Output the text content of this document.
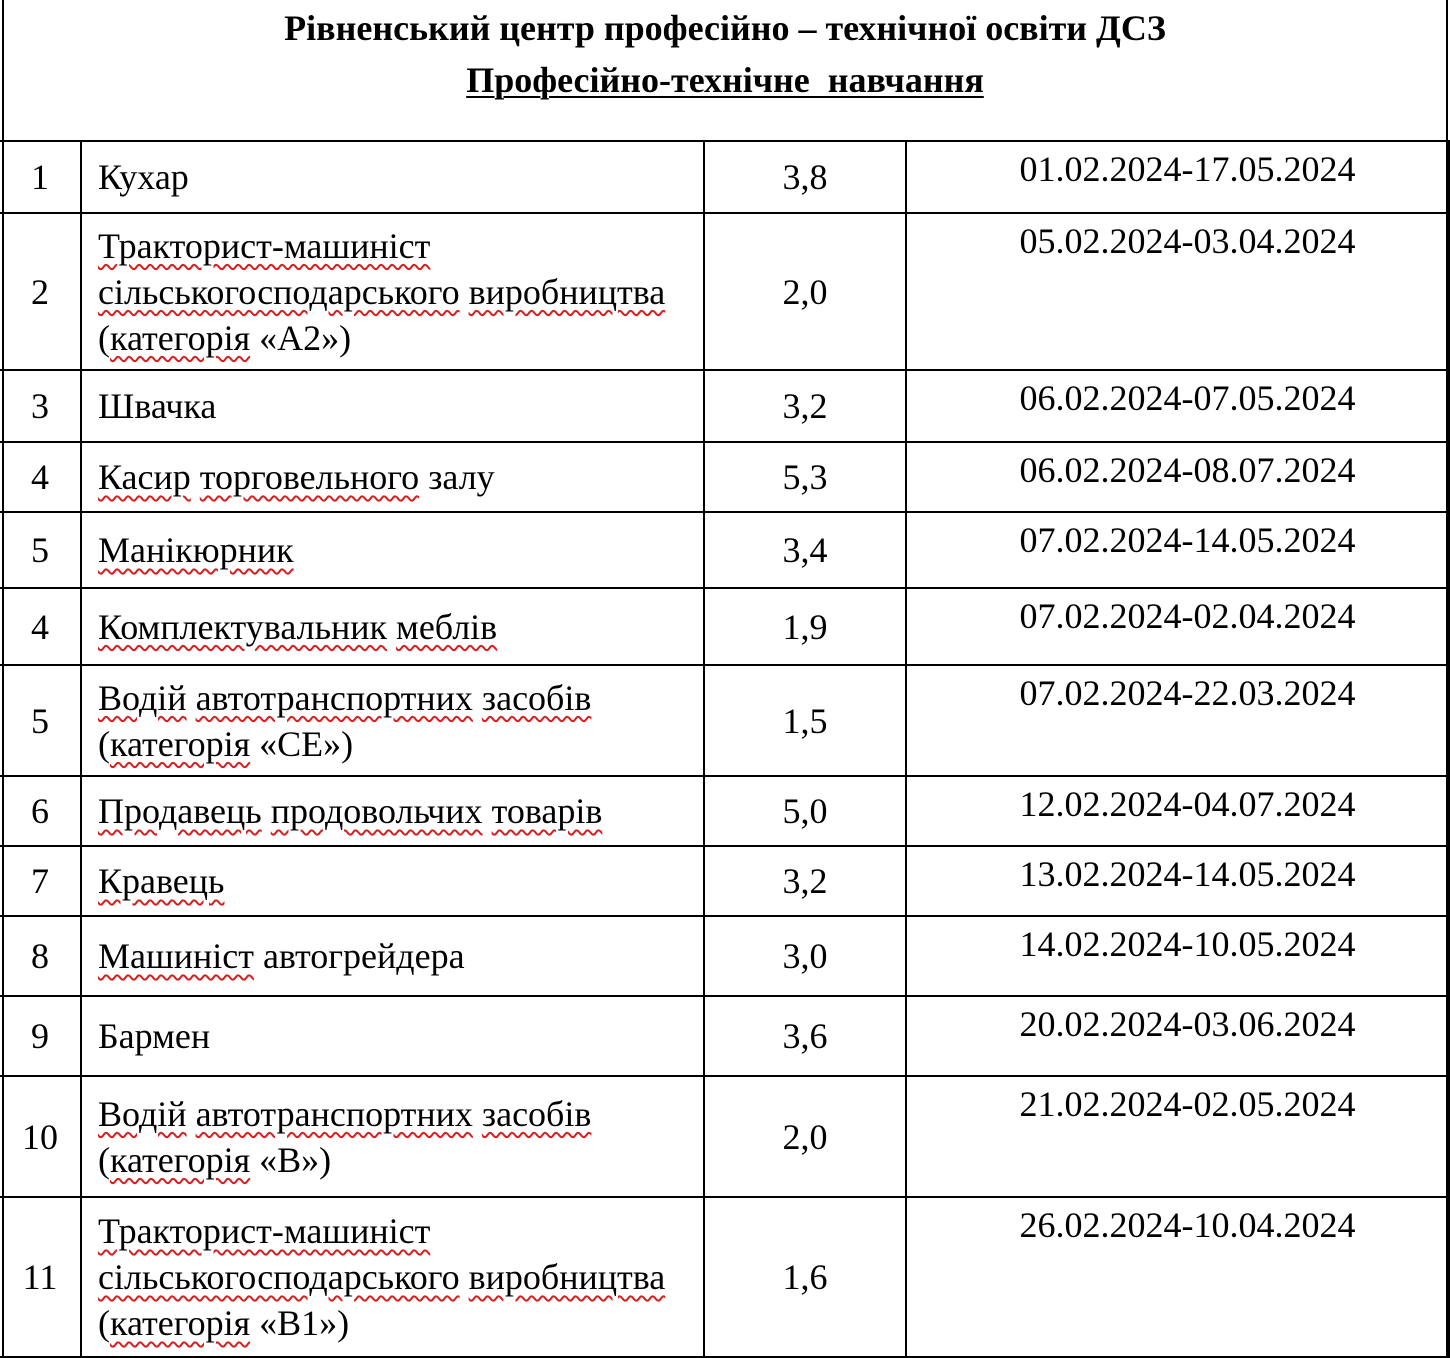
Рівненський центр професійно – технічної освіти ДСЗ
Професійно-технічне  навчання
1	Кухар	3,8	01.02.2024-17.05.2024
2	Тракторист-машиніст сільськогосподарського виробництва (категорія «А2»)	2,0	05.02.2024-03.04.2024
3	Швачка	3,2	06.02.2024-07.05.2024
4	Касир торговельного залу	5,3	06.02.2024-08.07.2024
5	Манікюрник	3,4	07.02.2024-14.05.2024
4	Комплектувальник меблів	1,9	07.02.2024-02.04.2024
5	Водій автотранспортних засобів (категорія «СЕ»)	1,5	07.02.2024-22.03.2024
6	Продавець продовольчих товарів	5,0	12.02.2024-04.07.2024
7	Кравець	3,2	13.02.2024-14.05.2024
8	Машиніст автогрейдера	3,0	14.02.2024-10.05.2024
9	Бармен	3,6	20.02.2024-03.06.2024
10	Водій автотранспортних засобів (категорія «В»)	2,0	21.02.2024-02.05.2024
11	Тракторист-машиніст сільськогосподарського виробництва (категорія «В1»)	1,6	26.02.2024-10.04.2024
